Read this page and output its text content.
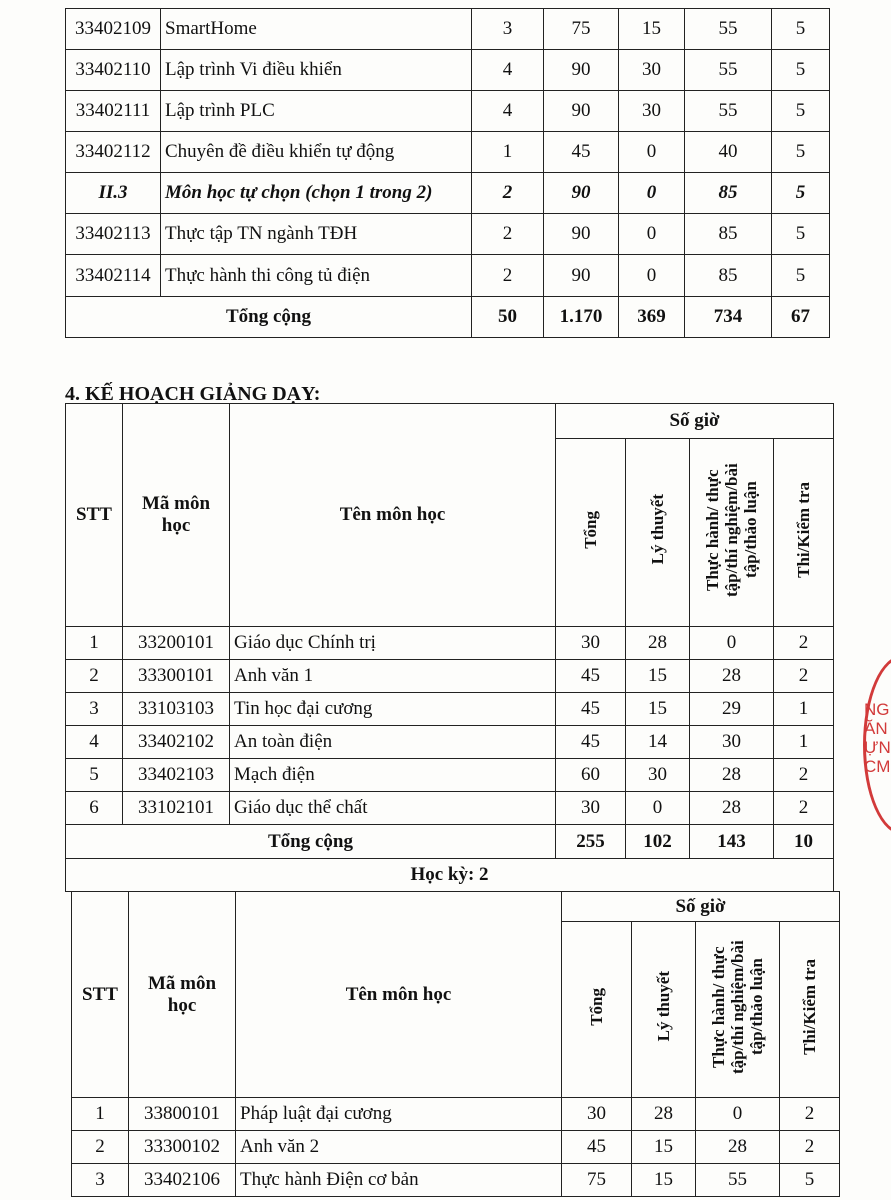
33402109	SmartHome	3	75	15	55	5
33402110	Lập trình Vi điều khiển	4	90	30	55	5
33402111	Lập trình PLC	4	90	30	55	5
33402112	Chuyên đề điều khiển tự động	1	45	0	40	5
II.3	Môn học tự chọn (chọn 1 trong 2)	2	90	0	85	5
33402113	Thực tập TN ngành TĐH	2	90	0	85	5
33402114	Thực hành thi công tủ điện	2	90	0	85	5
Tổng cộng		50	1.170	369	734	67
4. KẾ HOẠCH GIẢNG DẠY:
STT	Mã môn học	Tên môn học	Số giờ			
			Tổng	Lý thuyết	Thực hành/ thực tập/thí nghiệm/bài tập/thảo luận	Thi/Kiểm tra
1	33200101	Giáo dục Chính trị	30	28	0	2
2	33300101	Anh văn 1	45	15	28	2
3	33103103	Tin học đại cương	45	15	29	1
4	33402102	An toàn điện	45	14	30	1
5	33402103	Mạch điện	60	30	28	2
6	33102101	Giáo dục thể chất	30	0	28	2
Tổng cộng			255	102	143	10
Học kỳ: 2						
STT	Mã môn học	Tên môn học	Số giờ			
			Tổng	Lý thuyết	Thực hành/ thực tập/thí nghiệm/bài tập/thảo luận	Thi/Kiểm tra
1	33800101	Pháp luật đại cương	30	28	0	2
2	33300102	Anh văn 2	45	15	28	2
3	33402106	Thực hành Điện cơ bản	75	15	55	5
NG
ĂN
ỰN
CM
